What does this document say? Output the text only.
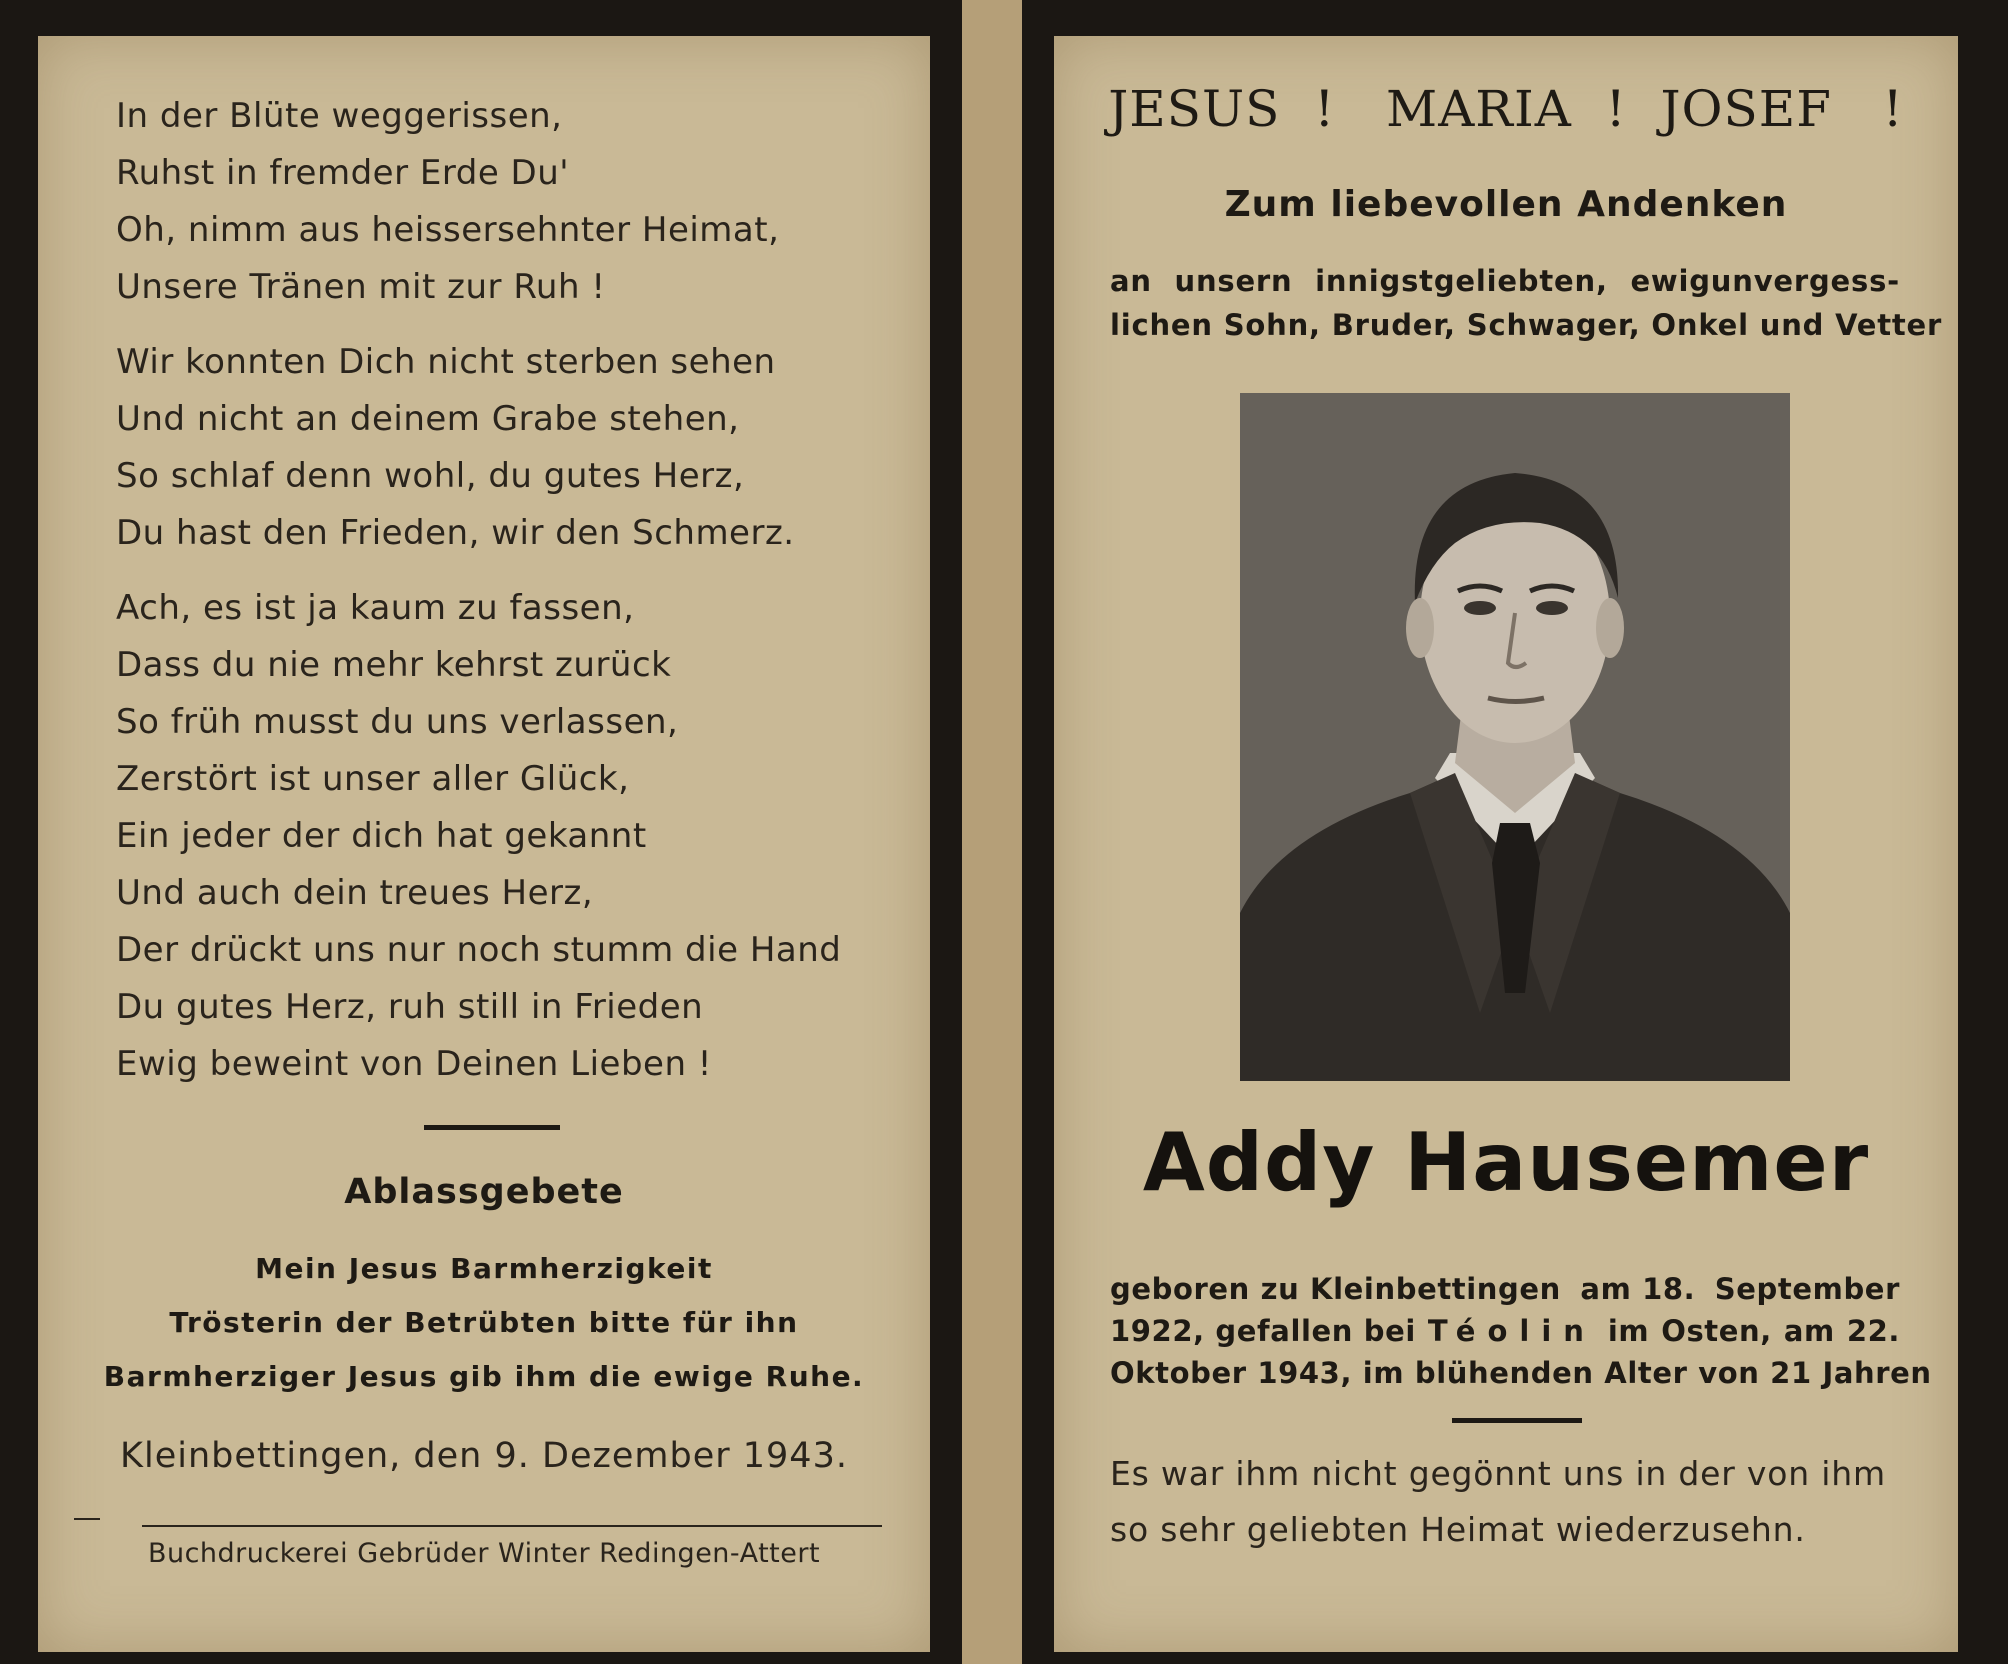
In der Blüte weggerissen,
Ruhst in fremder Erde Du'
Oh, nimm aus heissersehnter Heimat,
Unsere Tränen mit zur Ruh !
Wir konnten Dich nicht sterben sehen
Und nicht an deinem Grabe stehen,
So schlaf denn wohl, du gutes Herz,
Du hast den Frieden, wir den Schmerz.
Ach, es ist ja kaum zu fassen,
Dass du nie mehr kehrst zurück
So früh musst du uns verlassen,
Zerstört ist unser aller Glück,
Ein jeder der dich hat gekannt
Und auch dein treues Herz,
Der drückt uns nur noch stumm die Hand
Du gutes Herz, ruh still in Frieden
Ewig beweint von Deinen Lieben !
Ablassgebete
Mein Jesus Barmherzigkeit
Trösterin der Betrübten bitte für ihn
Barmherziger Jesus gib ihm die ewige Ruhe.
Kleinbettingen, den 9. Dezember 1943.
Buchdruckerei Gebrüder Winter Redingen-Attert
JESUS  !   MARIA  !  JOSEF   !
Zum liebevollen Andenken
an unsern innigstgeliebten, ewigunvergess-
lichen Sohn, Bruder, Schwager, Onkel und Vetter
Addy Hausemer
geboren zu Kleinbettingen am 18. September
1922, gefallen bei Téolin im Osten, am 22.
Oktober 1943, im blühenden Alter von 21 Jahren
Es war ihm nicht gegönnt uns in der von ihm
so sehr geliebten Heimat wiederzusehn.
